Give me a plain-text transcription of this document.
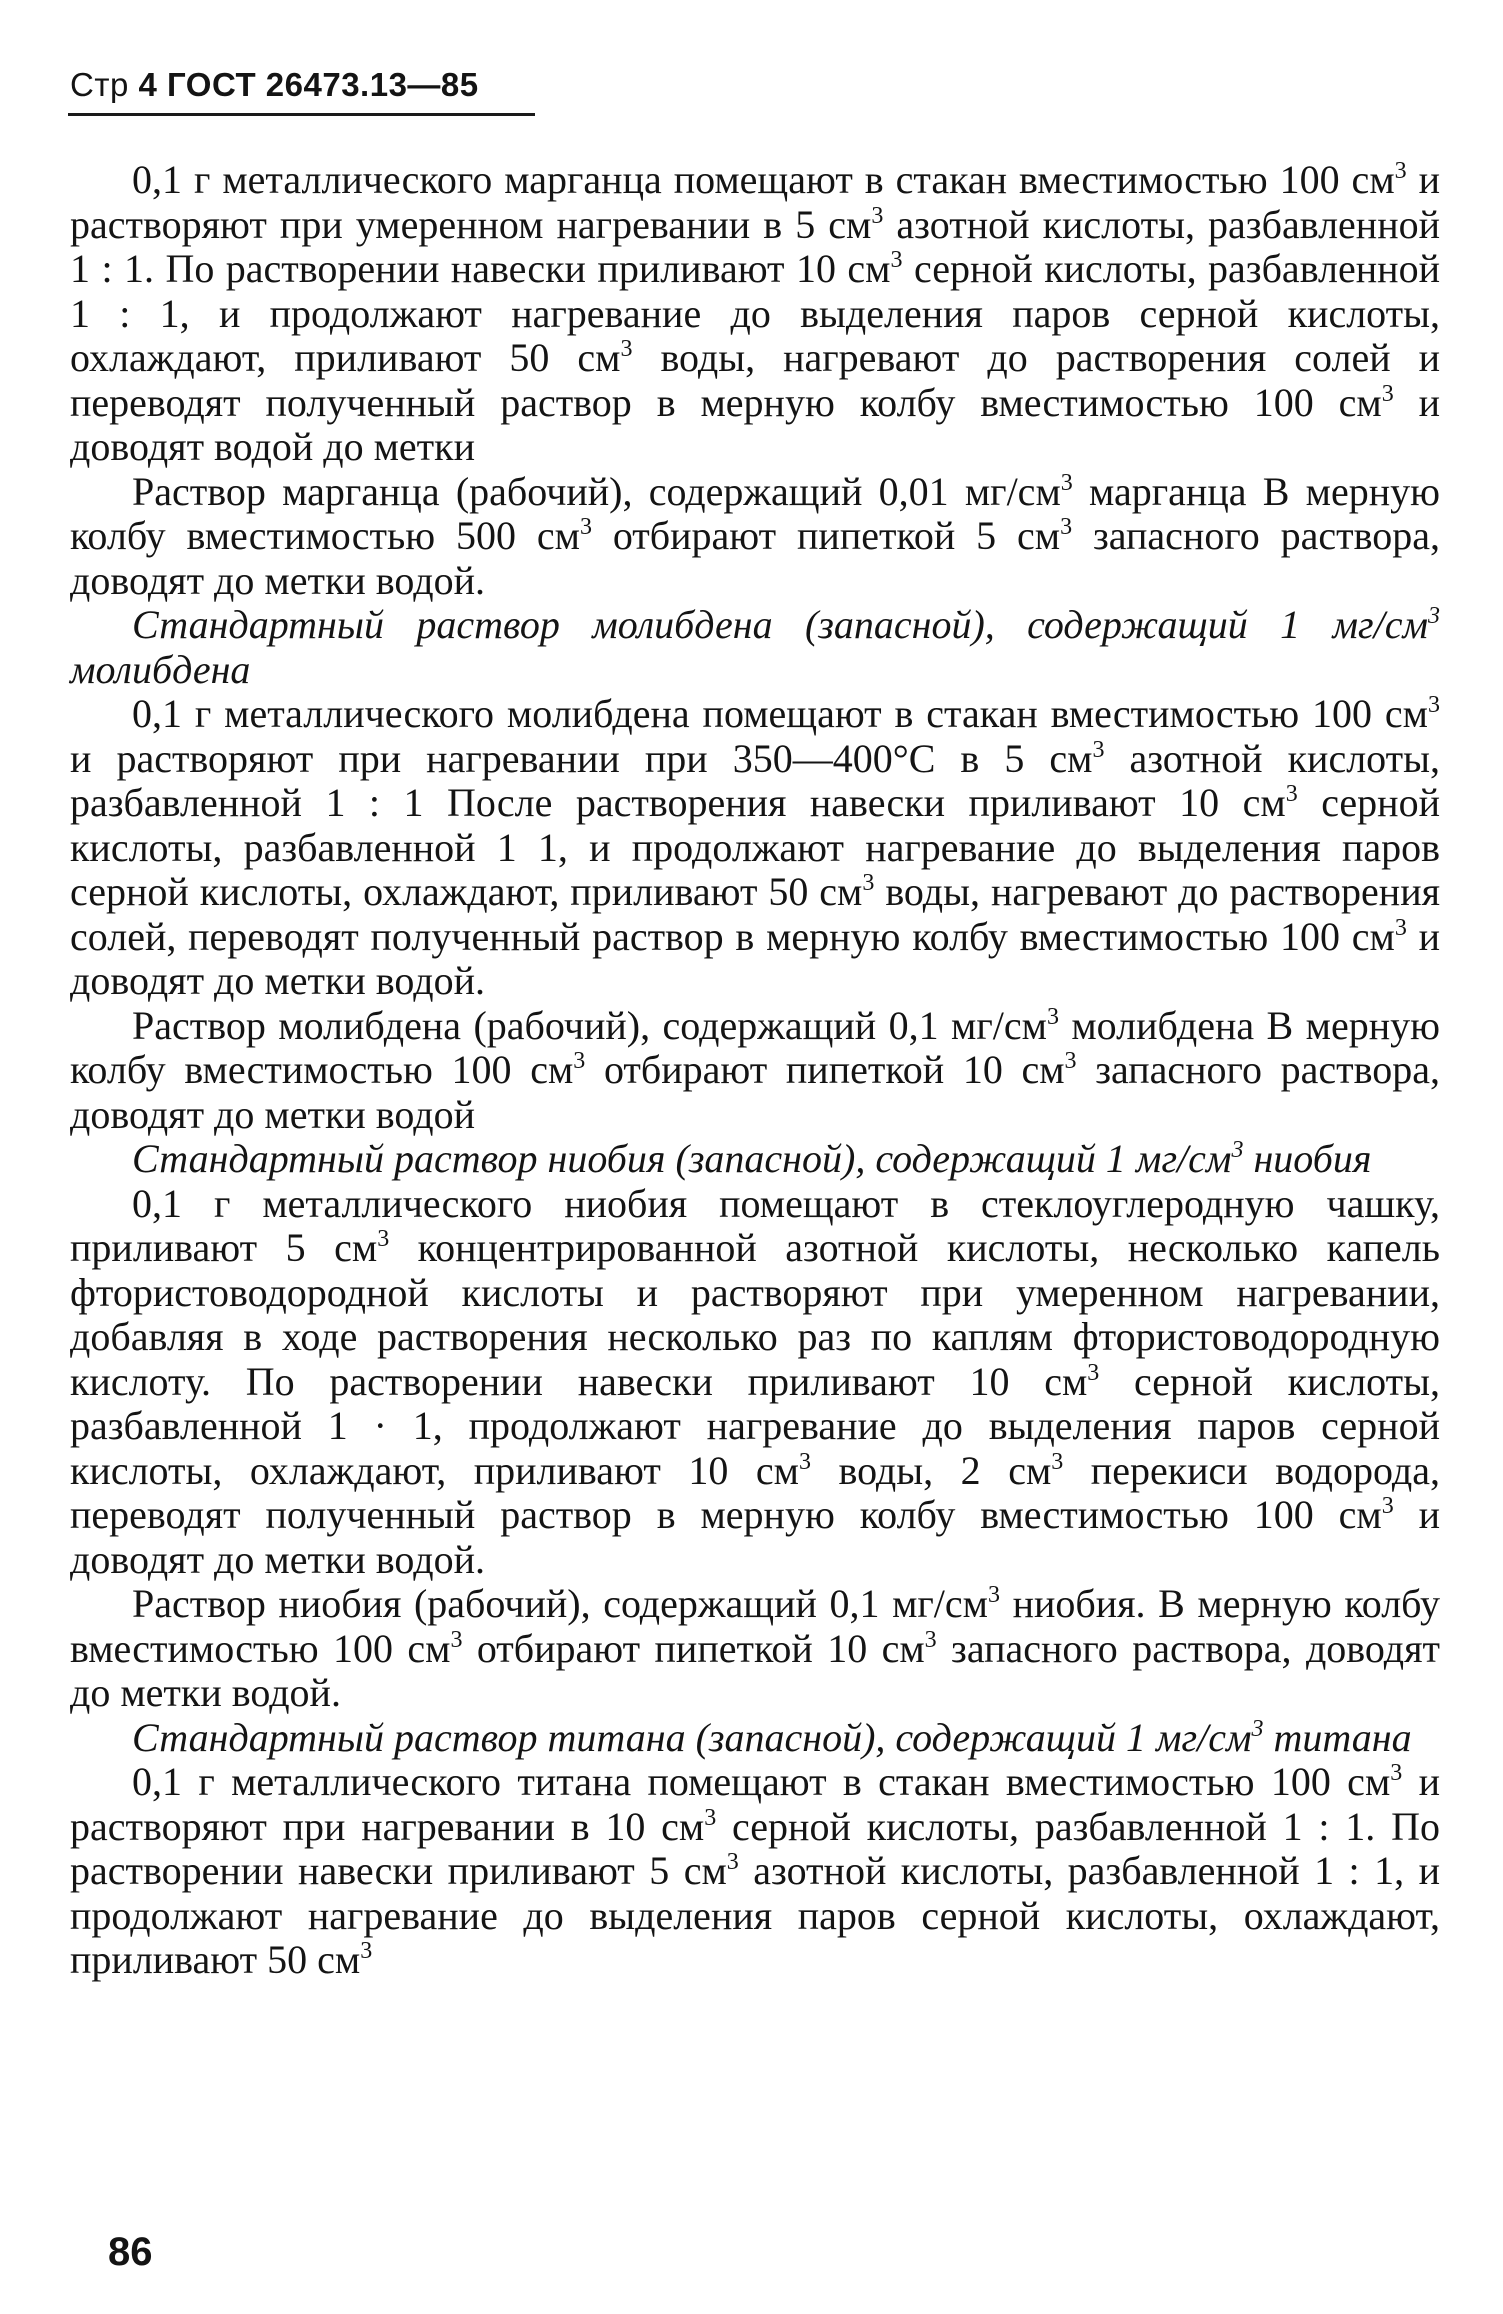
Стр 4 ГОСТ 26473.13—85

0,1 г металлического марганца помещают в стакан вместимостью 100 $см^3$ и растворяют при умеренном нагревании в 5 $см^3$ азотной кислоты, разбавленной 1 : 1. По растворении навески приливают 10 $см^3$ серной кислоты, разбавленной 1 : 1, и продолжают нагревание до выделения паров серной кислоты, охлаждают, приливают 50 $см^3$ воды, нагревают до растворения солей и переводят полученный раствор в мерную колбу вместимостью 100 $см^3$ и доводят водой до метки

Раствор марганца (рабочий), содержащий 0,01 $мг/см^3$ марганца В мерную колбу вместимостью 500 $см^3$ отбирают пипеткой 5 $см^3$ запасного раствора, доводят до метки водой.

Стандартный раствор молибдена (запасной), содержащий 1 $мг/см^3$ молибдена

0,1 г металлического молибдена помещают в стакан вместимостью 100 $см^3$ и растворяют при нагревании при 350—400°С в 5 $см^3$ азотной кислоты, разбавленной 1 : 1 После растворения навески приливают 10 $см^3$ серной кислоты, разбавленной 1 1, и продолжают нагревание до выделения паров серной кислоты, охлаждают, приливают 50 $см^3$ воды, нагревают до растворения солей, переводят полученный раствор в мерную колбу вместимостью 100 $см^3$ и доводят до метки водой.

Раствор молибдена (рабочий), содержащий 0,1 $мг/см^3$ молибдена В мерную колбу вместимостью 100 $см^3$ отбирают пипеткой 10 $см^3$ запасного раствора, доводят до метки водой

Стандартный раствор ниобия (запасной), содержащий 1 $мг/см^3$ ниобия

0,1 г металлического ниобия помещают в стеклоуглеродную чашку, приливают 5 $см^3$ концентрированной азотной кислоты, несколько капель фтористоводородной кислоты и растворяют при умеренном нагревании, добавляя в ходе растворения несколько раз по каплям фтористоводородную кислоту. По растворении навески приливают 10 $см^3$ серной кислоты, разбавленной 1 · 1, продолжают нагревание до выделения паров серной кислоты, охлаждают, приливают 10 $см^3$ воды, 2 $см^3$ перекиси водорода, переводят полученный раствор в мерную колбу вместимостью 100 $см^3$ и доводят до метки водой.

Раствор ниобия (рабочий), содержащий 0,1 $мг/см^3$ ниобия. В мерную колбу вместимостью 100 $см^3$ отбирают пипеткой 10 $см^3$ запасного раствора, доводят до метки водой.

Стандартный раствор титана (запасной), содержащий 1 $мг/см^3$ титана

0,1 г металлического титана помещают в стакан вместимостью 100 $см^3$ и растворяют при нагревании в 10 $см^3$ серной кислоты, разбавленной 1 : 1. По растворении навески приливают 5 $см^3$ азотной кислоты, разбавленной 1 : 1, и продолжают нагревание до выделения паров серной кислоты, охлаждают, приливают 50 $см^3$

86
